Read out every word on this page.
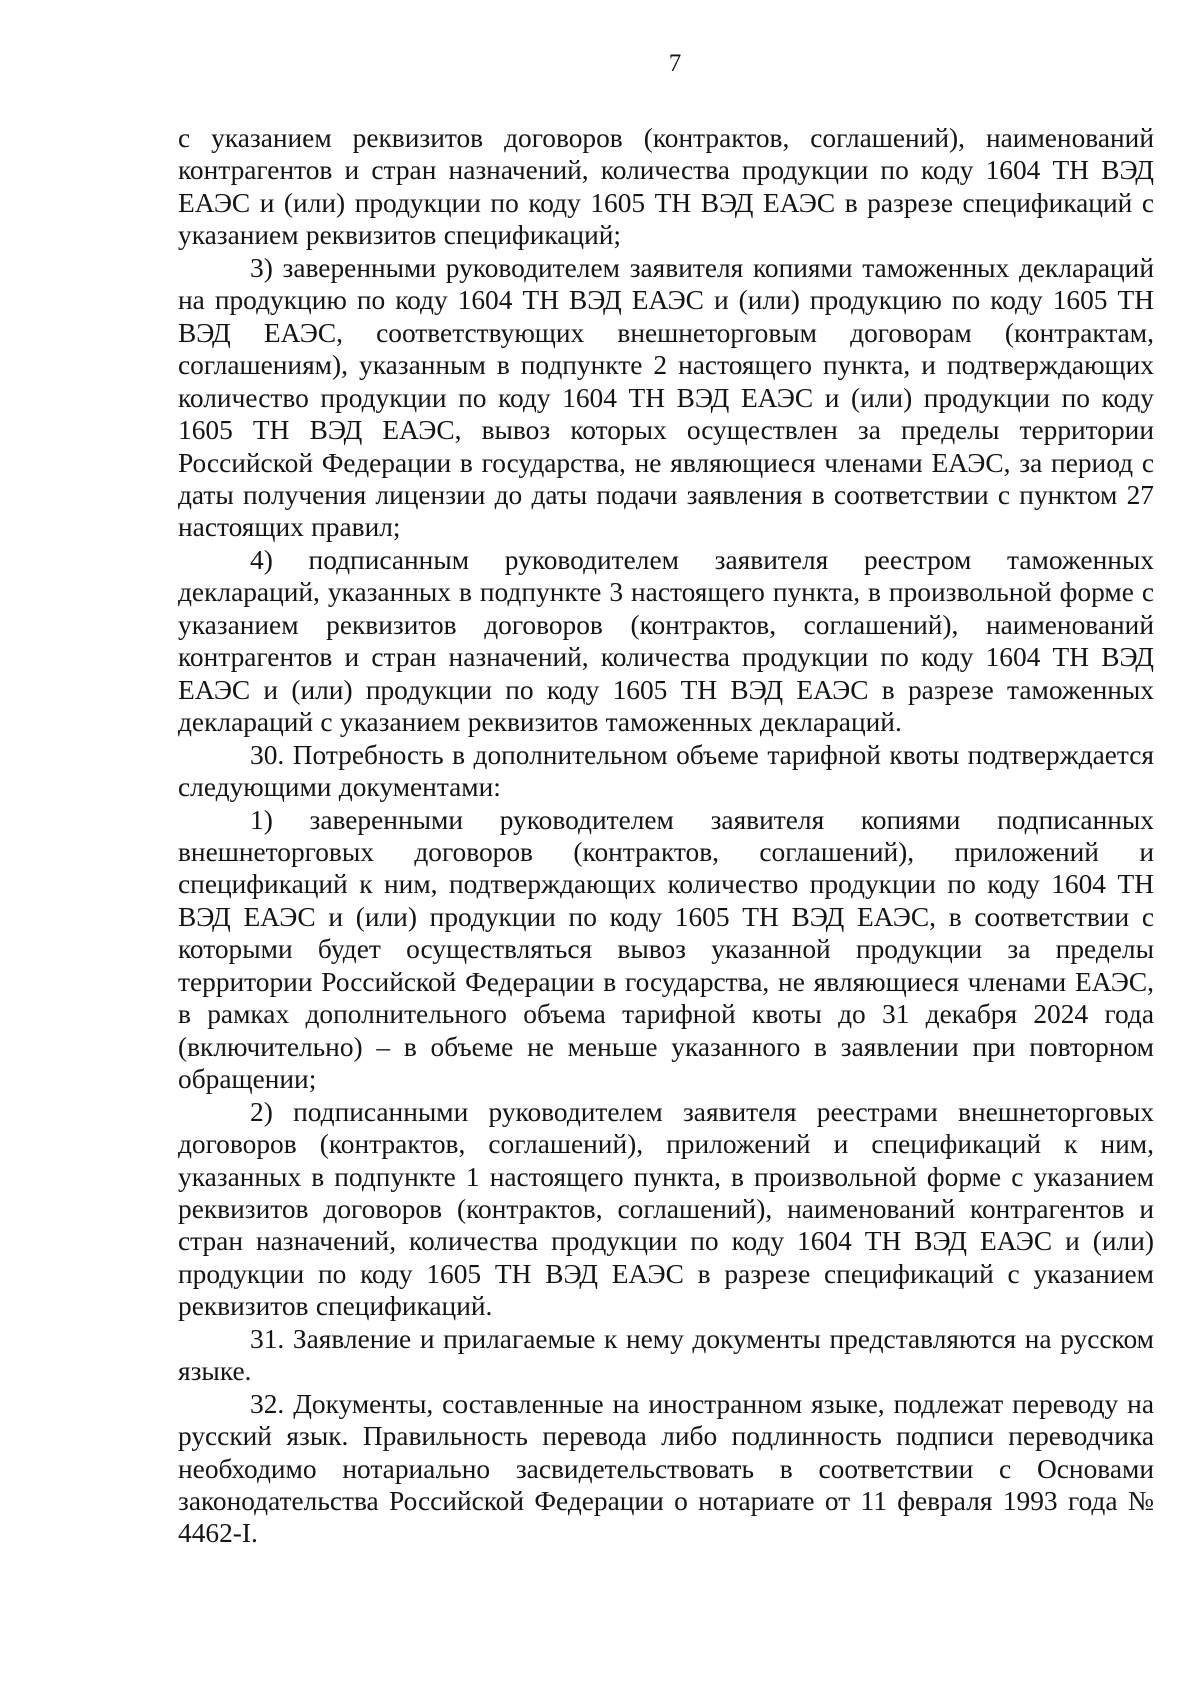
7

с указанием реквизитов договоров (контрактов, соглашений), наименований контрагентов и стран назначений, количества продукции по коду 1604 ТН ВЭД ЕАЭС и (или) продукции по коду 1605 ТН ВЭД ЕАЭС в разрезе спецификаций с указанием реквизитов спецификаций;

3) заверенными руководителем заявителя копиями таможенных деклараций на продукцию по коду 1604 ТН ВЭД ЕАЭС и (или) продукцию по коду 1605 ТН ВЭД ЕАЭС, соответствующих внешнеторговым договорам (контрактам, соглашениям), указанным в подпункте 2 настоящего пункта, и подтверждающих количество продукции по коду 1604 ТН ВЭД ЕАЭС и (или) продукции по коду 1605 ТН ВЭД ЕАЭС, вывоз которых осуществлен за пределы территории Российской Федерации в государства, не являющиеся членами ЕАЭС, за период с даты получения лицензии до даты подачи заявления в соответствии с пунктом 27 настоящих правил;

4) подписанным руководителем заявителя реестром таможенных деклараций, указанных в подпункте 3 настоящего пункта, в произвольной форме с указанием реквизитов договоров (контрактов, соглашений), наименований контрагентов и стран назначений, количества продукции по коду 1604 ТН ВЭД ЕАЭС и (или) продукции по коду 1605 ТН ВЭД ЕАЭС в разрезе таможенных деклараций с указанием реквизитов таможенных деклараций.

30. Потребность в дополнительном объеме тарифной квоты подтверждается следующими документами:

1) заверенными руководителем заявителя копиями подписанных внешнеторговых договоров (контрактов, соглашений), приложений и спецификаций к ним, подтверждающих количество продукции по коду 1604 ТН ВЭД ЕАЭС и (или) продукции по коду 1605 ТН ВЭД ЕАЭС, в соответствии с которыми будет осуществляться вывоз указанной продукции за пределы территории Российской Федерации в государства, не являющиеся членами ЕАЭС, в рамках дополнительного объема тарифной квоты до 31 декабря 2024 года (включительно) – в объеме не меньше указанного в заявлении при повторном обращении;

2) подписанными руководителем заявителя реестрами внешнеторговых договоров (контрактов, соглашений), приложений и спецификаций к ним, указанных в подпункте 1 настоящего пункта, в произвольной форме с указанием реквизитов договоров (контрактов, соглашений), наименований контрагентов и стран назначений, количества продукции по коду 1604 ТН ВЭД ЕАЭС и (или) продукции по коду 1605 ТН ВЭД ЕАЭС в разрезе спецификаций с указанием реквизитов спецификаций.

31. Заявление и прилагаемые к нему документы представляются на русском языке.

32. Документы, составленные на иностранном языке, подлежат переводу на русский язык. Правильность перевода либо подлинность подписи переводчика необходимо нотариально засвидетельствовать в соответствии с Основами законодательства Российской Федерации о нотариате от 11 февраля 1993 года № 4462-I.
